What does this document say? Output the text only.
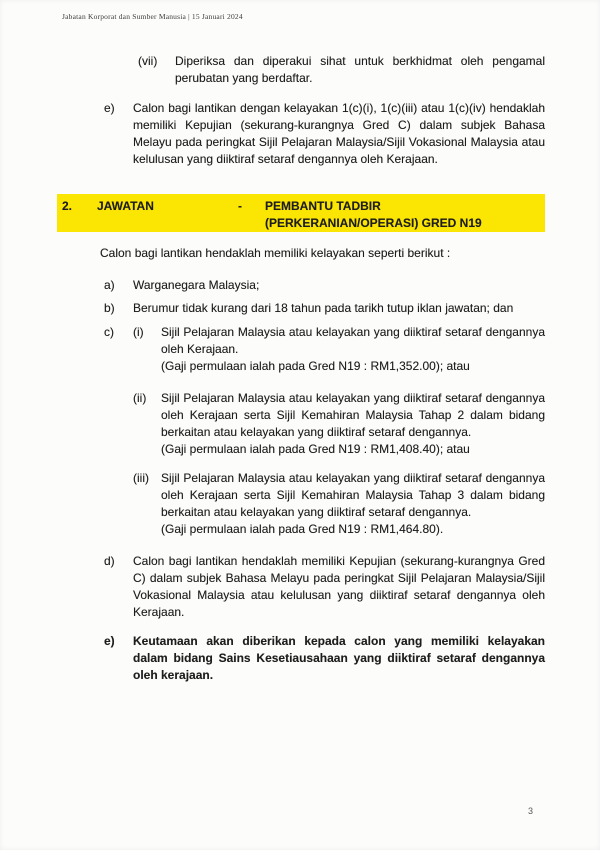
Jabatan Korporat dan Sumber Manusia | 15 Januari 2024
(vii)	Diperiksa dan diperakui sihat untuk berkhidmat oleh pengamal perubatan yang berdaftar.
e)	Calon bagi lantikan dengan kelayakan 1(c)(i), 1(c)(iii) atau 1(c)(iv) hendaklah memiliki Kepujian (sekurang-kurangnya Gred C) dalam subjek Bahasa Melayu pada peringkat Sijil Pelajaran Malaysia/Sijil Vokasional Malaysia atau kelulusan yang diiktiraf setaraf dengannya oleh Kerajaan.
2. JAWATAN	- PEMBANTU TADBIR
(PERKERANIAN/OPERASI) GRED N19
Calon bagi lantikan hendaklah memiliki kelayakan seperti berikut :
a)	Warganegara Malaysia;
b)	Berumur tidak kurang dari 18 tahun pada tarikh tutup iklan jawatan; dan
c)	(i)	Sijil Pelajaran Malaysia atau kelayakan yang diiktiraf setaraf dengannya oleh Kerajaan.
(Gaji permulaan ialah pada Gred N19 : RM1,352.00); atau
(ii)	Sijil Pelajaran Malaysia atau kelayakan yang diiktiraf setaraf dengannya oleh Kerajaan serta Sijil Kemahiran Malaysia Tahap 2 dalam bidang berkaitan atau kelayakan yang diiktiraf setaraf dengannya.
(Gaji permulaan ialah pada Gred N19 : RM1,408.40); atau
(iii)	Sijil Pelajaran Malaysia atau kelayakan yang diiktiraf setaraf dengannya oleh Kerajaan serta Sijil Kemahiran Malaysia Tahap 3 dalam bidang berkaitan atau kelayakan yang diiktiraf setaraf dengannya.
(Gaji permulaan ialah pada Gred N19 : RM1,464.80).
d)	Calon bagi lantikan hendaklah memiliki Kepujian (sekurang-kurangnya Gred C) dalam subjek Bahasa Melayu pada peringkat Sijil Pelajaran Malaysia/Sijil Vokasional Malaysia atau kelulusan yang diiktiraf setaraf dengannya oleh Kerajaan.
e)	Keutamaan akan diberikan kepada calon yang memiliki kelayakan dalam bidang Sains Kesetiausahaan yang diiktiraf setaraf dengannya oleh kerajaan.
3
